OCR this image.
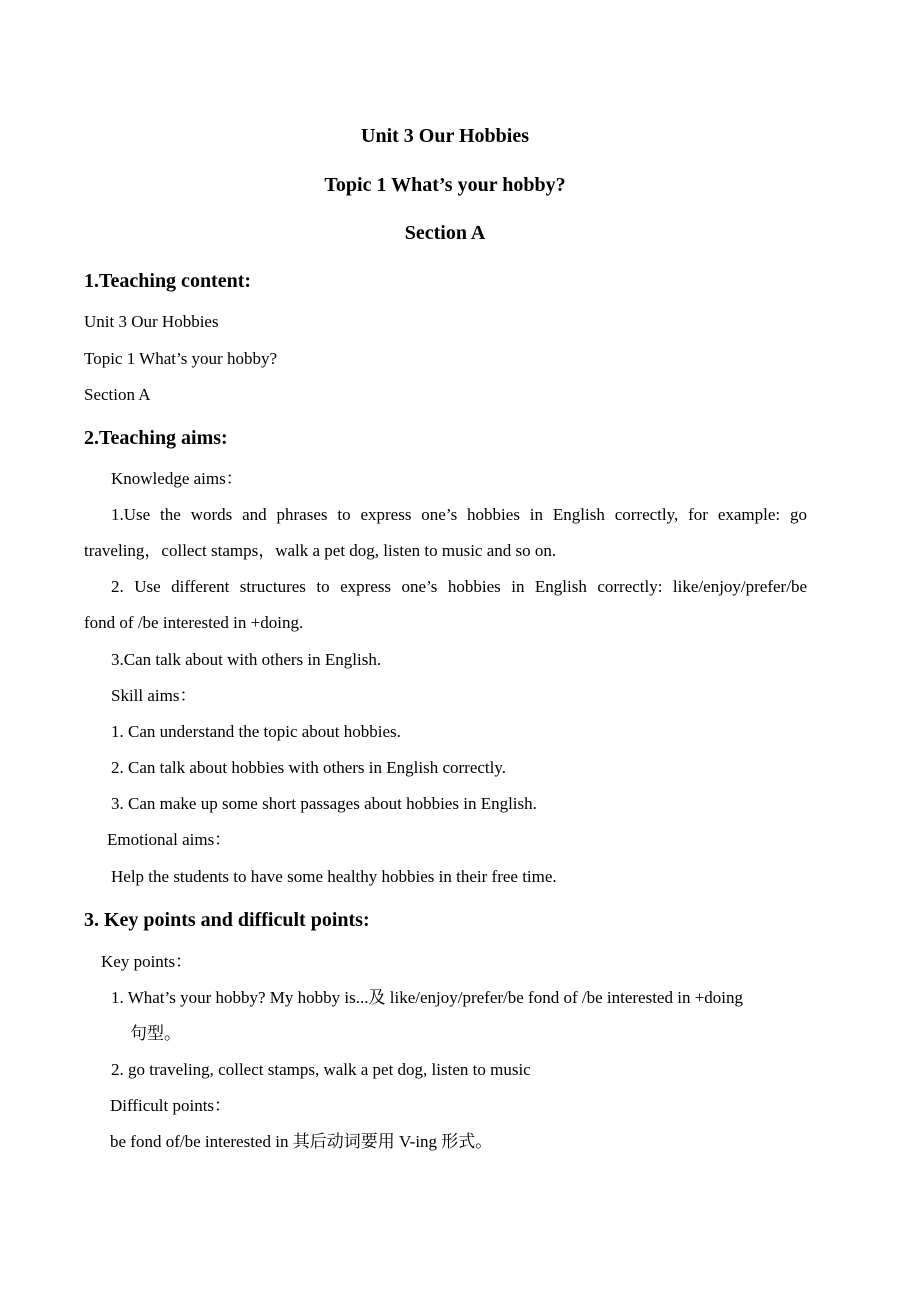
Unit 3 Our Hobbies
Topic 1 What’s your hobby?
Section A
1.Teaching content:
Unit 3 Our Hobbies
Topic 1 What’s your hobby?
Section A
2.Teaching aims:
Knowledge aims：
1.Use the words and phrases to express one’s hobbies in English correctly, for example: go
traveling，collect stamps，walk a pet dog, listen to music and so on.
2. Use different structures to express one’s hobbies in English correctly: like/enjoy/prefer/be
fond of /be interested in +doing.
3.Can talk about with others in English.
Skill aims：
1. Can understand the topic about hobbies.
2. Can talk about hobbies with others in English correctly.
3. Can make up some short passages about hobbies in English.
Emotional aims：
Help the students to have some healthy hobbies in their free time.
3. Key points and difficult points:
Key points：
1. What’s your hobby? My hobby is...及 like/enjoy/prefer/be fond of /be interested in +doing
句型。
2. go traveling, collect stamps, walk a pet dog, listen to music
Difficult points：
be fond of/be interested in 其后动词要用 V-ing 形式。
